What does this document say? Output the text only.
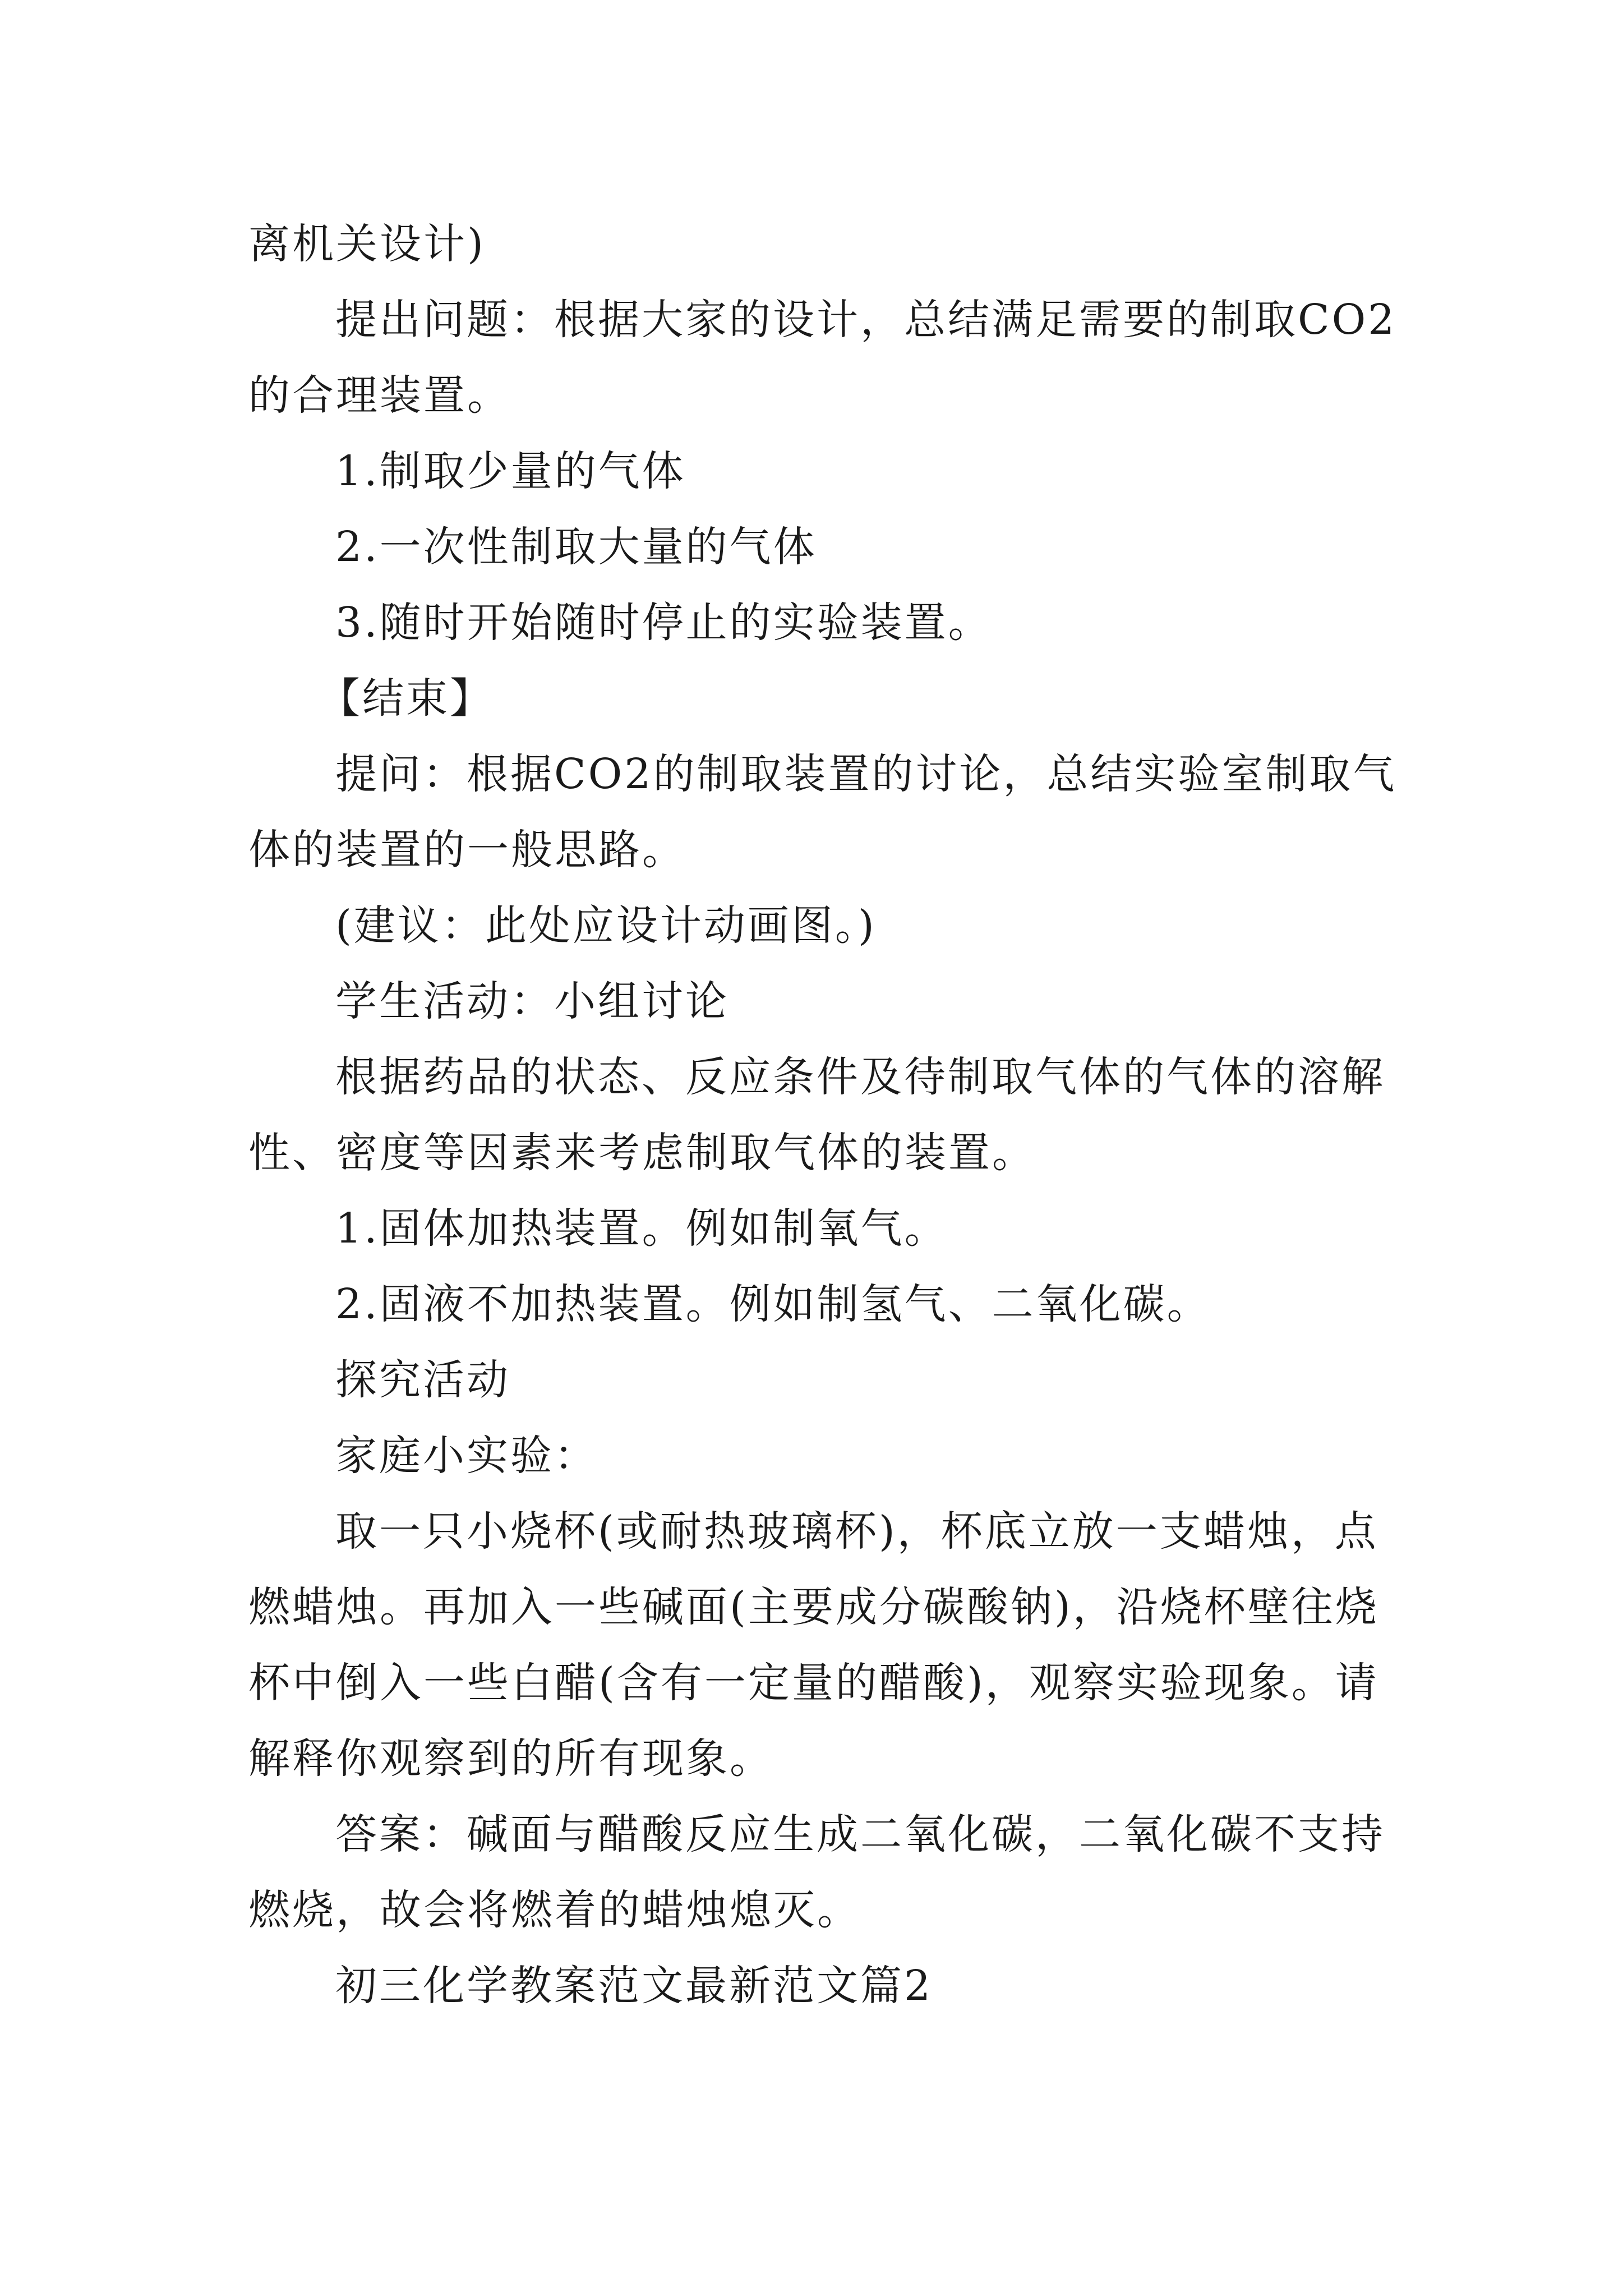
离机关设计)
提出问题：根据大家的设计，总结满足需要的制取CO2
的合理装置。
1.制取少量的气体
2.一次性制取大量的气体
3.随时开始随时停止的实验装置。
【结束】
提问：根据CO2的制取装置的讨论，总结实验室制取气
体的装置的一般思路。
(建议：此处应设计动画图。)
学生活动：小组讨论
根据药品的状态、反应条件及待制取气体的气体的溶解
性、密度等因素来考虑制取气体的装置。
1.固体加热装置。例如制氧气。
2.固液不加热装置。例如制氢气、二氧化碳。
探究活动
家庭小实验：
取一只小烧杯(或耐热玻璃杯)，杯底立放一支蜡烛，点
燃蜡烛。再加入一些碱面(主要成分碳酸钠)，沿烧杯壁往烧
杯中倒入一些白醋(含有一定量的醋酸)，观察实验现象。请
解释你观察到的所有现象。
答案：碱面与醋酸反应生成二氧化碳，二氧化碳不支持
燃烧，故会将燃着的蜡烛熄灭。
初三化学教案范文最新范文篇2
